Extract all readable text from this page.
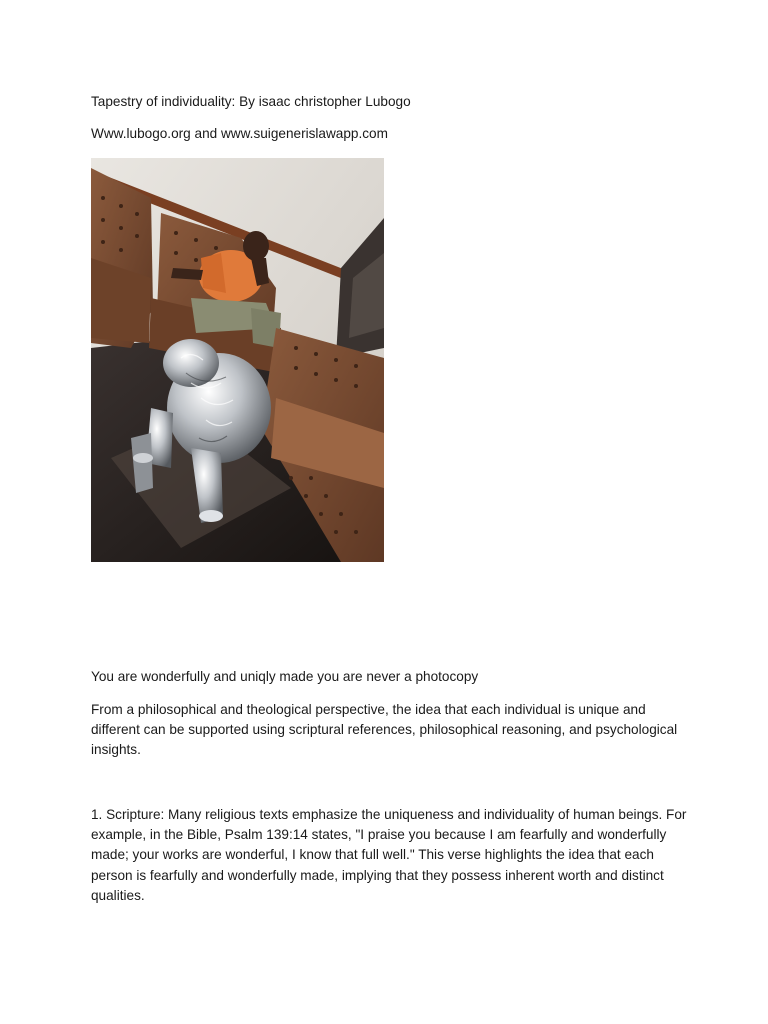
Tapestry of individuality: By isaac christopher Lubogo
Www.lubogo.org and www.suigenerislawapp.com
You are wonderfully and uniqly made you are never a photocopy
From a philosophical and theological perspective, the idea that each individual is unique and different can be supported using scriptural references, philosophical reasoning, and psychological insights.
1. Scripture: Many religious texts emphasize the uniqueness and individuality of human beings. For example, in the Bible, Psalm 139:14 states, "I praise you because I am fearfully and wonderfully made; your works are wonderful, I know that full well." This verse highlights the idea that each person is fearfully and wonderfully made, implying that they possess inherent worth and distinct qualities.
